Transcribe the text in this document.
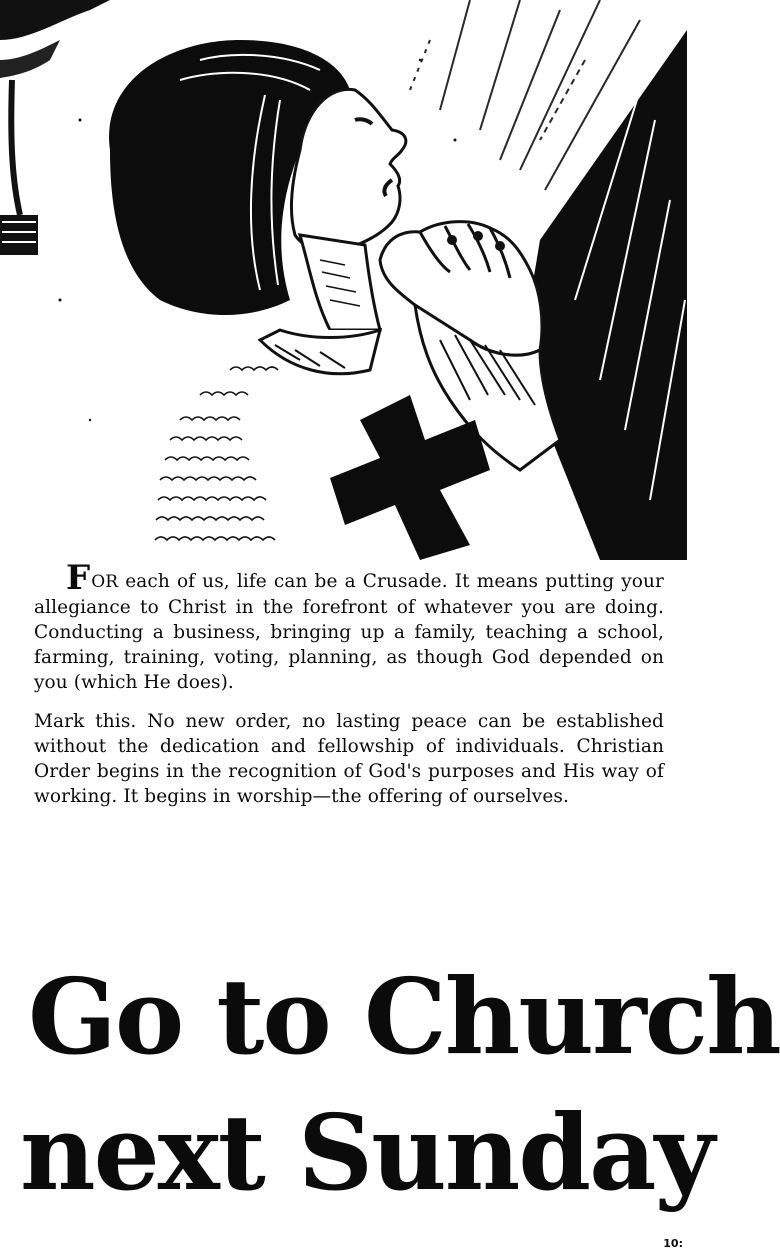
FOR each of us, life can be a Crusade. It means putting your allegiance to Christ in the forefront of whatever you are doing. Conducting a business, bringing up a family, teaching a school, farming, training, voting, planning, as though God depended on you (which He does).

Mark this. No new order, no lasting peace can be established without the dedication and fellowship of individuals. Christian Order begins in the recognition of God's purposes and His way of working. It begins in worship—the offering of ourselves.

Go to Church
next Sunday
10:
